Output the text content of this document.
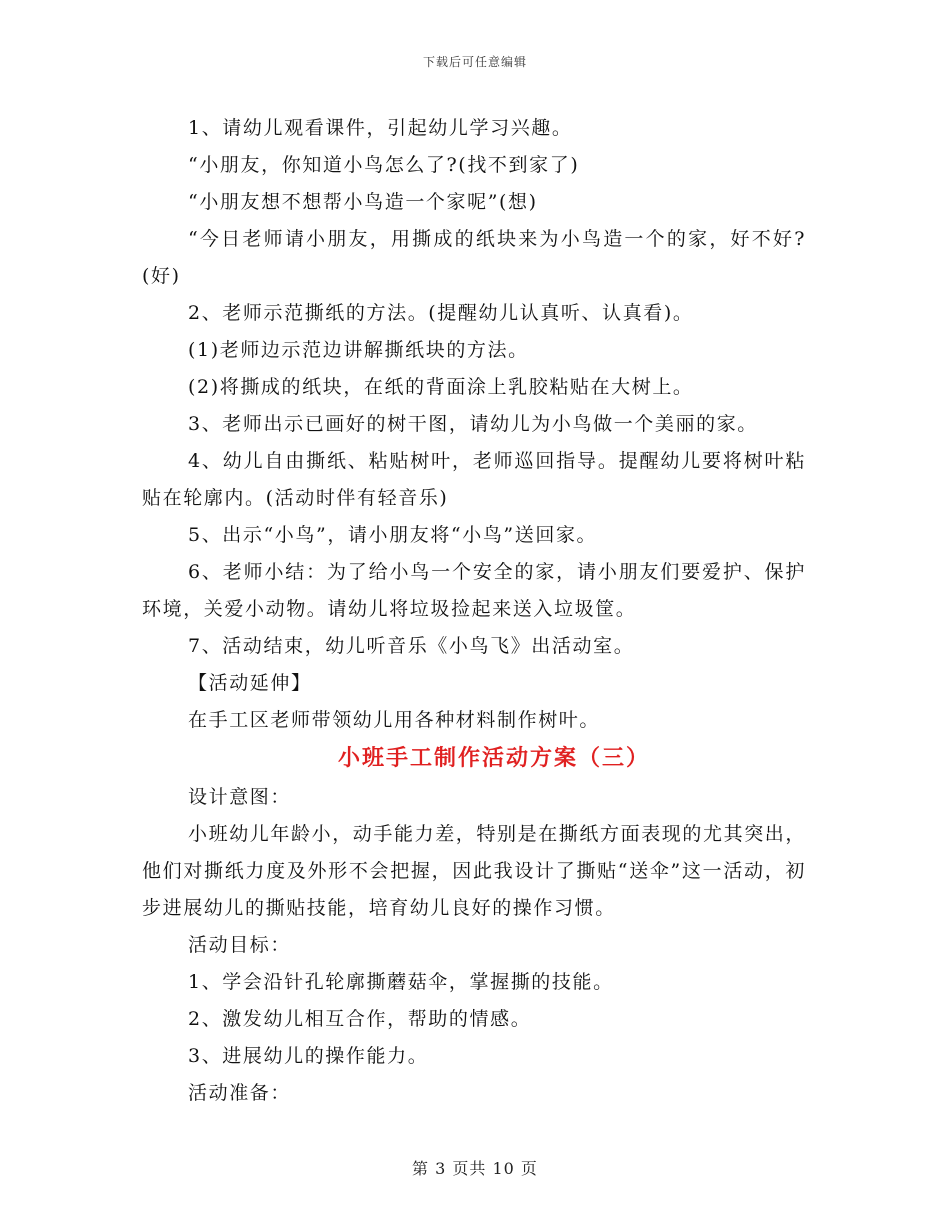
下载后可任意编辑

1、请幼儿观看课件，引起幼儿学习兴趣。

“小朋友，你知道小鸟怎么了?(找不到家了)

“小朋友想不想帮小鸟造一个家呢”(想)

“今日老师请小朋友，用撕成的纸块来为小鸟造一个的家，好不好?(好)

2、老师示范撕纸的方法。(提醒幼儿认真听、认真看)。

(1)老师边示范边讲解撕纸块的方法。

(2)将撕成的纸块，在纸的背面涂上乳胶粘贴在大树上。

3、老师出示已画好的树干图，请幼儿为小鸟做一个美丽的家。

4、幼儿自由撕纸、粘贴树叶，老师巡回指导。提醒幼儿要将树叶粘贴在轮廓内。(活动时伴有轻音乐)

5、出示“小鸟”，请小朋友将“小鸟”送回家。

6、老师小结：为了给小鸟一个安全的家，请小朋友们要爱护、保护环境，关爱小动物。请幼儿将垃圾捡起来送入垃圾筐。

7、活动结束，幼儿听音乐《小鸟飞》出活动室。

【活动延伸】

在手工区老师带领幼儿用各种材料制作树叶。

小班手工制作活动方案（三）

设计意图：

小班幼儿年龄小，动手能力差，特别是在撕纸方面表现的尤其突出，他们对撕纸力度及外形不会把握，因此我设计了撕贴“送伞”这一活动，初步进展幼儿的撕贴技能，培育幼儿良好的操作习惯。

活动目标：

1、学会沿针孔轮廓撕蘑菇伞，掌握撕的技能。

2、激发幼儿相互合作，帮助的情感。

3、进展幼儿的操作能力。

活动准备：

第 3 页共 10 页
